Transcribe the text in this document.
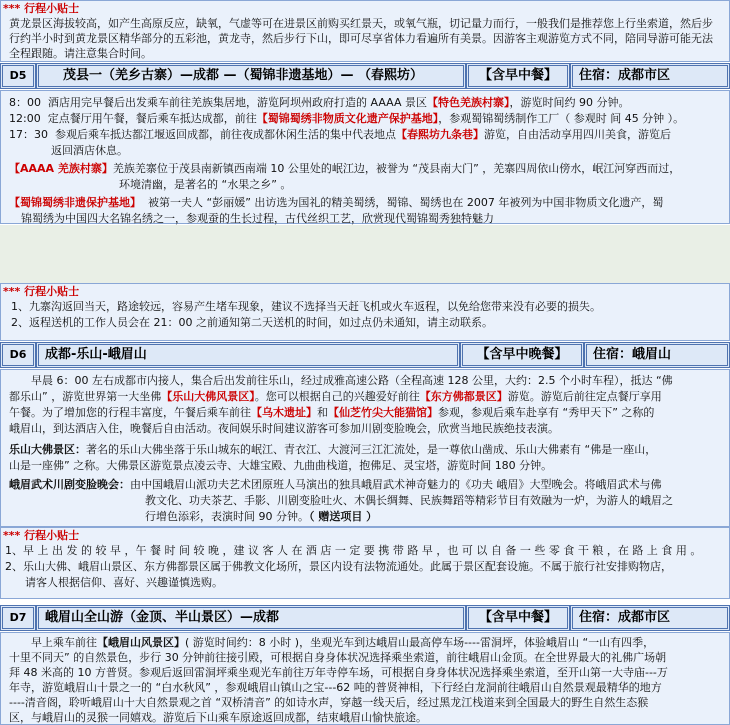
*** 行程小贴士
黄龙景区海拔较高，如产生高原反应，缺氧，气虚等可在进景区前购买红景天，或氧气瓶，切记量力而行，一般我们是推荐您上行坐索道，然后步行约半小时到黄龙景区精华部分的五彩池，黄龙寺，然后步行下山，即可尽享省体力看遍所有美景。因游客主观游览方式不同，陪同导游可能无法全程跟随。请注意集合时间。
D5	茂县一（羌乡古寨）—成都 —（蜀锦非遗基地）— （春熙坊）	【含早中餐】	住宿：成都市区
8：00 酒店用完早餐后出发乘车前往羌族集居地，游览阿坝州政府打造的 AAAA 景区【特色羌族村寨】，游览时间约 90 分钟。
12:00 定点餐厅用午餐，餐后乘车抵达成都，前往【蜀锦蜀绣非物质文化遗产保护基地】，参观蜀锦蜀绣制作工厂（ 参观时 间 45 分钟 ）。
17：30 参观后乘车抵达都江堰返回成都，前往夜成都休闲生活的集中代表地点【春熙坊九条巷】游览，自由活动享用四川美食，游览后
返回酒店休息。
【AAAA 羌族村寨】羌族羌寨位于茂县南新镇西南端 10 公里处的岷江边，被誉为 “茂县南大门” ，羌寨四周依山傍水，岷江河穿西而过，
环境清幽，是著名的 “水果之乡” 。
【蜀锦蜀绣非遗保护基地】 被第一夫人 “彭丽媛” 出访选为国礼的精美蜀绣，蜀锦、蜀绣也在 2007 年被列为中国非物质文化遗产，蜀
锦蜀绣为中国四大名锦名绣之一，参观蚕的生长过程，古代丝织工艺，欣赏现代蜀锦蜀秀独特魅力
*** 行程小贴士
1、九寨沟返回当天，路途较远，容易产生堵车现象，建议不选择当天赶飞机或火车返程，以免给您带来没有必要的损失。
2、返程送机的工作人员会在 21：00 之前通知第二天送机的时间，如过点仍未通知，请主动联系。
D6	成都-乐山-峨眉山	【含早中晚餐】	住宿：峨眉山
早晨 6：00 左右成都市内接人，集合后出发前往乐山，经过成雅高速公路（全程高速 128 公里，大约：2.5 个小时车程），抵达 “佛
都乐山” ，游览世界第一大坐佛【乐山大佛风景区】。您可以根据自己的兴趣爱好前往【东方佛都景区】游览。游览后前往定点餐厅享用
午餐。为了增加您的行程丰富度，午餐后乘车前往【乌木遗址】和【仙芝竹尖大能猫馆】参观，参观后乘车赴享有 “秀甲天下” 之称的
峨眉山，到达酒店入住，晚餐后自由活动。夜间娱乐时间建议游客可参加川剧变脸晚会，欣赏当地民族绝技表演。
乐山大佛景区：著名的乐山大佛坐落于乐山城东的岷江、青衣江、大渡河三江汇流处，是一尊依山凿成、乐山大佛素有 “佛是一座山，
山是一座佛” 之称。大佛景区游览景点凌云寺、大雄宝殿、九曲曲栈道，抱佛足、灵宝塔，游览时间 180 分钟。
峨眉武术川剧变脸晚会：由中国峨眉山派功夫艺术团原班人马演出的独具峨眉武术神奇魅力的《功夫 峨眉》大型晚会。将峨眉武术与佛
教文化、功夫茶艺、手影、川剧变脸吐火、木偶长绸舞、民族舞蹈等精彩节目有效融为一炉，为游人的峨眉之
行增色添彩，表演时间 90 分钟。（ 赠送项目 ）
*** 行程小贴士
1、早 上 出 发 的 较 早 ，午 餐 时 间 较 晚 ，建 议 客 人 在 酒 店 一 定 要 携 带 路 早 ，也 可 以 自 备 一 些 零 食 干 粮 ，在 路 上 食 用 。
2、乐山大佛、峨眉山景区、东方佛都景区属于佛教文化场所，景区内设有法物流通处。此属于景区配套设施。不属于旅行社安排购物店，
请客人根据信仰、喜好、兴趣谨慎选购。
D7	峨眉山全山游（金顶、半山景区）—成都	【含早中餐】	住宿：成都市区
早上乘车前往【峨眉山风景区】( 游览时间约：8 小时 )，坐观光车到达峨眉山最高停车场----雷洞坪，体验峨眉山 “一山有四季，
十里不同天” 的自然景色，步行 30 分钟前往接引殿，可根据自身身体状况选择乘坐索道，前往峨眉山金顶。在全世界最大的礼佛广场朝
拜 48 米高的 10 方普贤。参观后返回雷洞坪乘坐观光车前往万年寺停车场，可根据自身身体状况选择乘坐索道，至开山第一大寺庙---万
年寺，游览峨眉山十景之一的 “白水秋风” ，参观峨眉山镇山之宝---62 吨的普贤神相，下行经白龙洞前往峨眉山自然景观最精华的地方
----清音阁，聆听峨眉山十大自然景观之首 “双桥清音” 的如诗水声，穿越一线天后，经过黑龙江栈道来到全国最大的野生自然生态猴
区，与峨眉山的灵猴一同嬉戏。游览后下山乘车原途返回成都，结束峨眉山愉快旅途。
